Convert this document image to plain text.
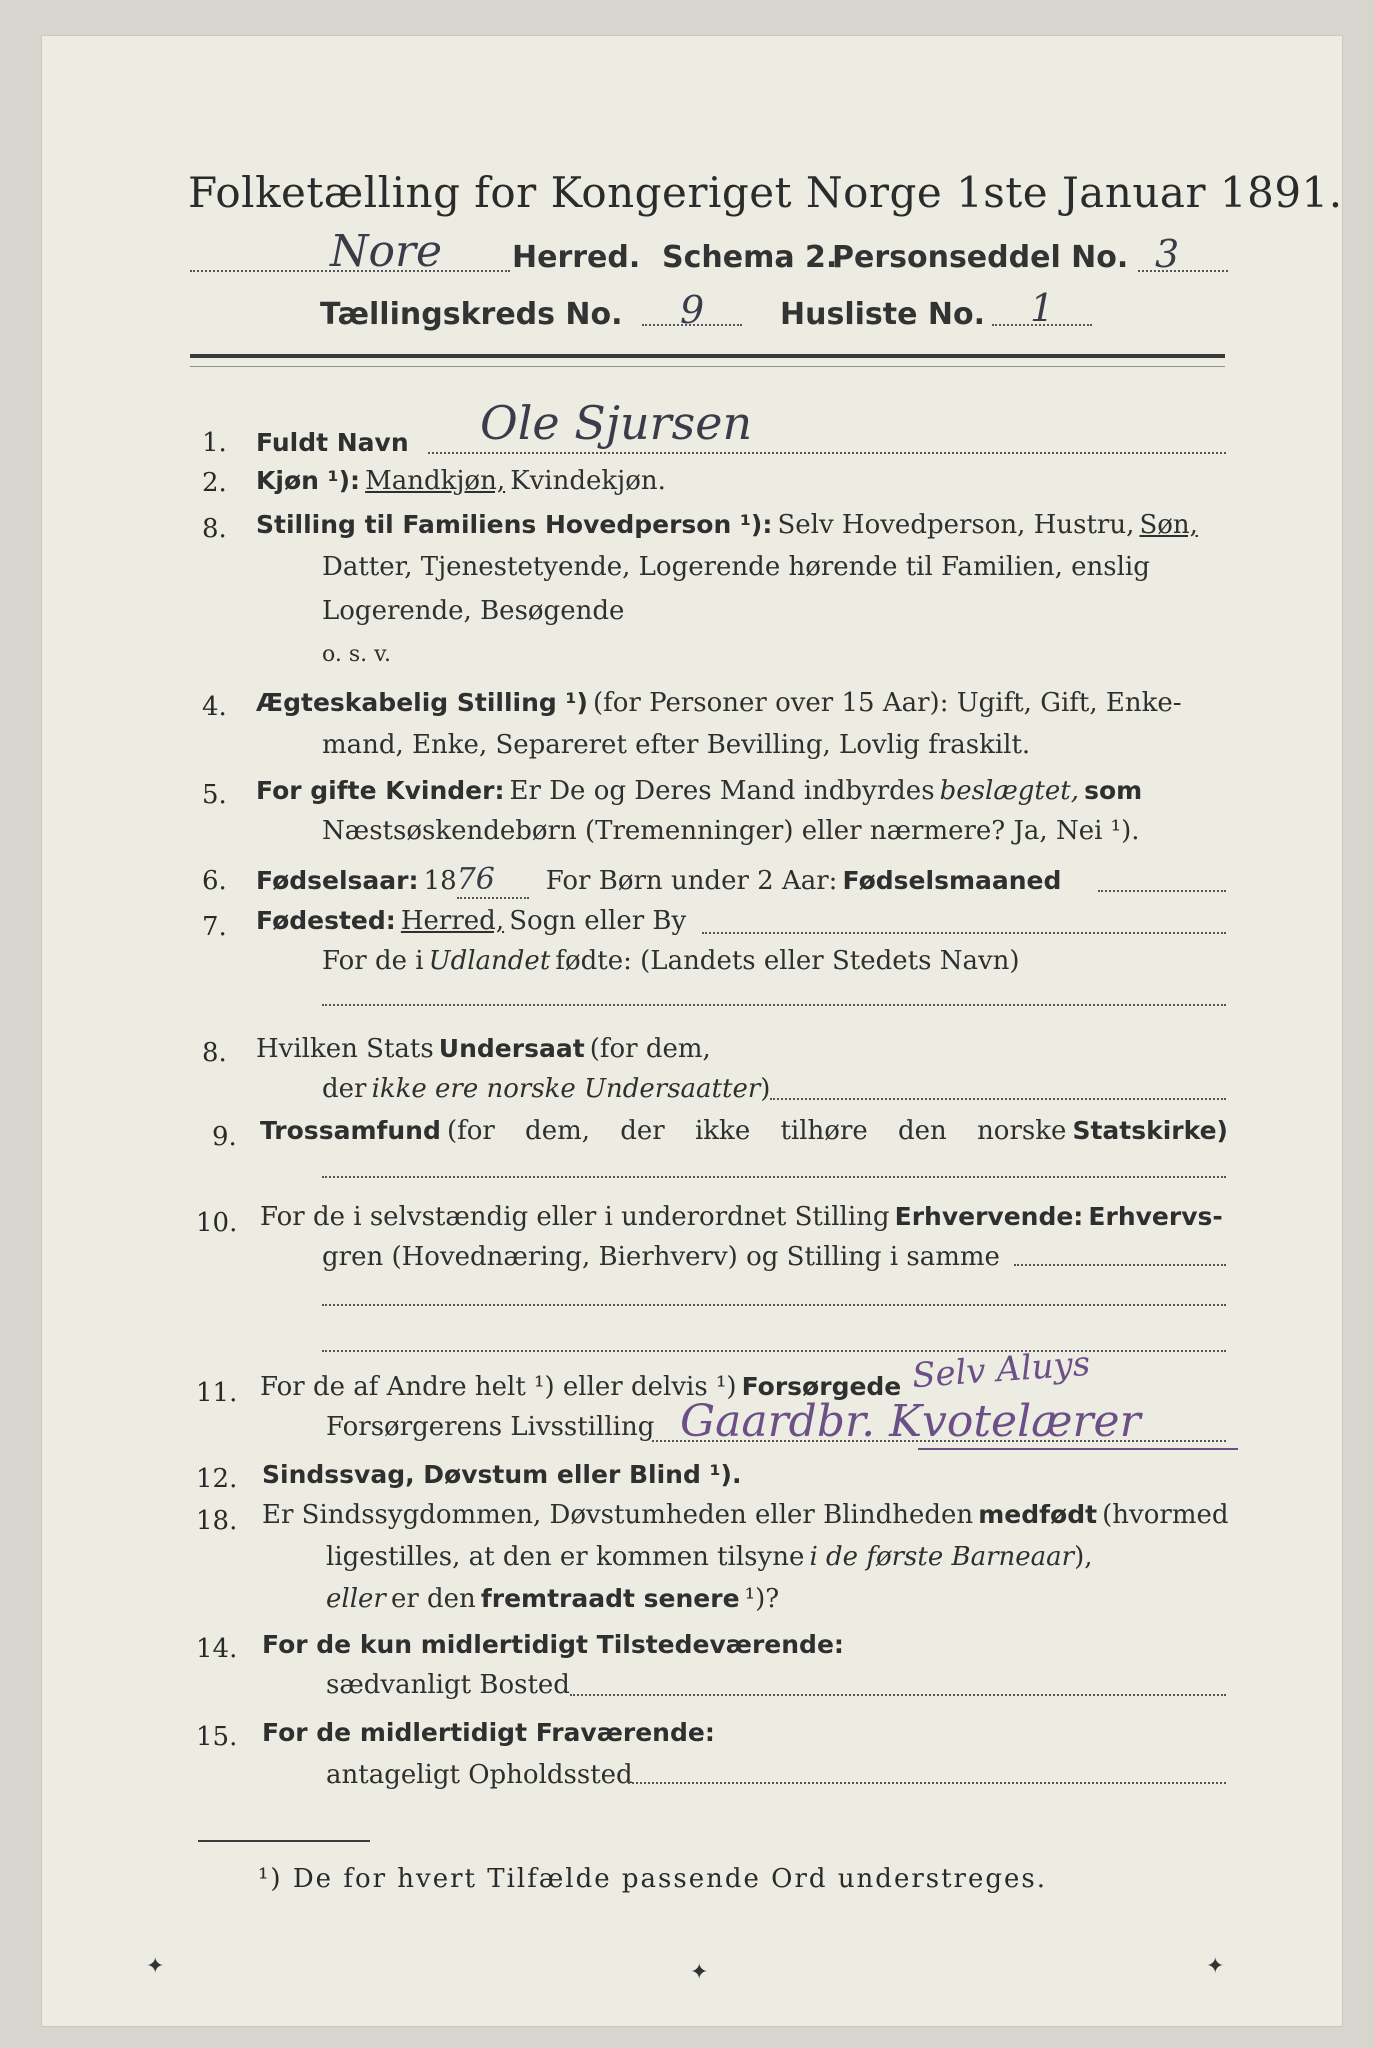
Folketælling for Kongeriget Norge 1ste Januar 1891.
Nore Herred. Schema 2.
Personseddel No. 3
Tællingskreds No. 9	Husliste No. 1
1. Fuldt Navn Ole Sjursen
2. Kjøn ¹): Mandkjøn, Kvindekjøn.
8. Stilling til Familiens Hovedperson ¹): Selv Hovedperson, Hustru, Søn,
Datter, Tjenestetyende, Logerende hørende til Familien, enslig
Logerende, Besøgende
o. s. v.
4. Ægteskabelig Stilling ¹) (for Personer over 15 Aar): Ugift, Gift, Enke-
mand, Enke, Separeret efter Bevilling, Lovlig fraskilt.
5. For gifte Kvinder: Er De og Deres Mand indbyrdes beslægtet, som
Næstsøskendebørn (Tremenninger) eller nærmere? Ja, Nei ¹).
6. Fødselsaar: 1876 For Børn under 2 Aar: Fødselsmaaned
7. Fødested: Herred, Sogn eller By
For de i Udlandet fødte: (Landets eller Stedets Navn)
8. Hvilken Stats Undersaat (for dem,
der ikke ere norske Undersaatter)
9. Trossamfund (for dem, der ikke tilhøre den norske Statskirke)
10. For de i selvstændig eller i underordnet Stilling Erhvervende: Erhvervs-
gren (Hovednæring, Bierhverv) og Stilling i samme
11. For de af Andre helt ¹) eller delvis ¹) Forsørgede Selv Aluys
Forsørgerens Livsstilling Gaardbr. Kvotelærer
12. Sindssvag, Døvstum eller Blind ¹).
18. Er Sindssygdommen, Døvstumheden eller Blindheden medfødt (hvormed
ligestilles, at den er kommen tilsyne i de første Barneaar),
eller er den fremtraadt senere ¹)?
14. For de kun midlertidigt Tilstedeværende:
sædvanligt Bosted
15. For de midlertidigt Fraværende:
antageligt Opholdssted
¹) De for hvert Tilfælde passende Ord understreges.
✦	✦	✦
